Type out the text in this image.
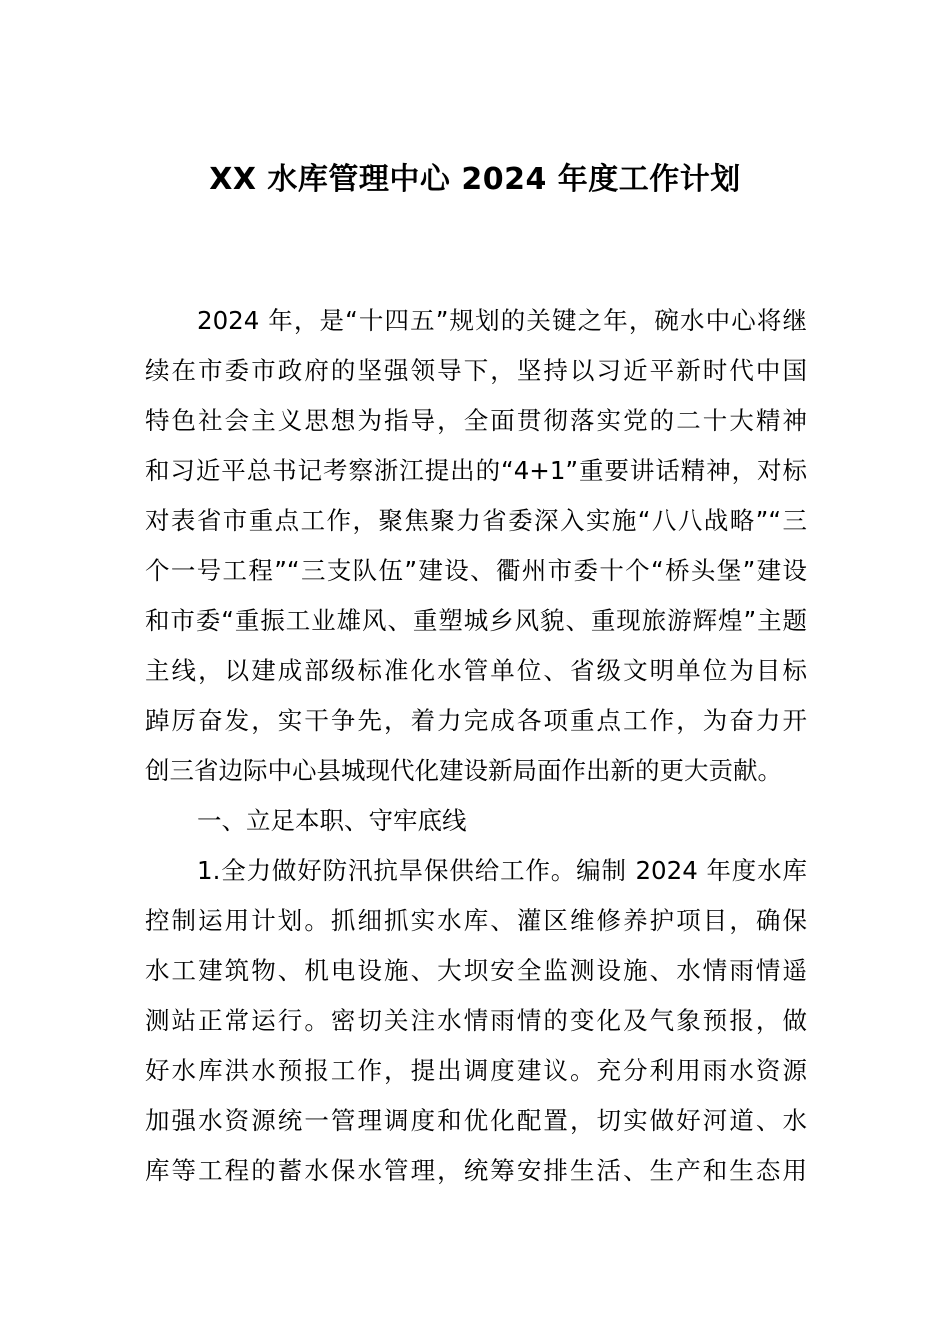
XX 水库管理中心 2024 年度工作计划
2024 年，是“十四五”规划的关键之年，碗水中心将继
续在市委市政府的坚强领导下，坚持以习近平新时代中国
特色社会主义思想为指导，全面贯彻落实党的二十大精神
和习近平总书记考察浙江提出的“4+1”重要讲话精神，对标
对表省市重点工作，聚焦聚力省委深入实施“八八战略”“三
个一号工程”“三支队伍”建设、衢州市委十个“桥头堡”建设
和市委“重振工业雄风、重塑城乡风貌、重现旅游辉煌”主题
主线，以建成部级标准化水管单位、省级文明单位为目标
踔厉奋发，实干争先，着力完成各项重点工作，为奋力开
创三省边际中心县城现代化建设新局面作出新的更大贡献。
一、立足本职、守牢底线
1.全力做好防汛抗旱保供给工作。编制 2024 年度水库
控制运用计划。抓细抓实水库、灌区维修养护项目，确保
水工建筑物、机电设施、大坝安全监测设施、水情雨情遥
测站正常运行。密切关注水情雨情的变化及气象预报，做
好水库洪水预报工作，提出调度建议。充分利用雨水资源
加强水资源统一管理调度和优化配置，切实做好河道、水
库等工程的蓄水保水管理，统筹安排生活、生产和生态用
